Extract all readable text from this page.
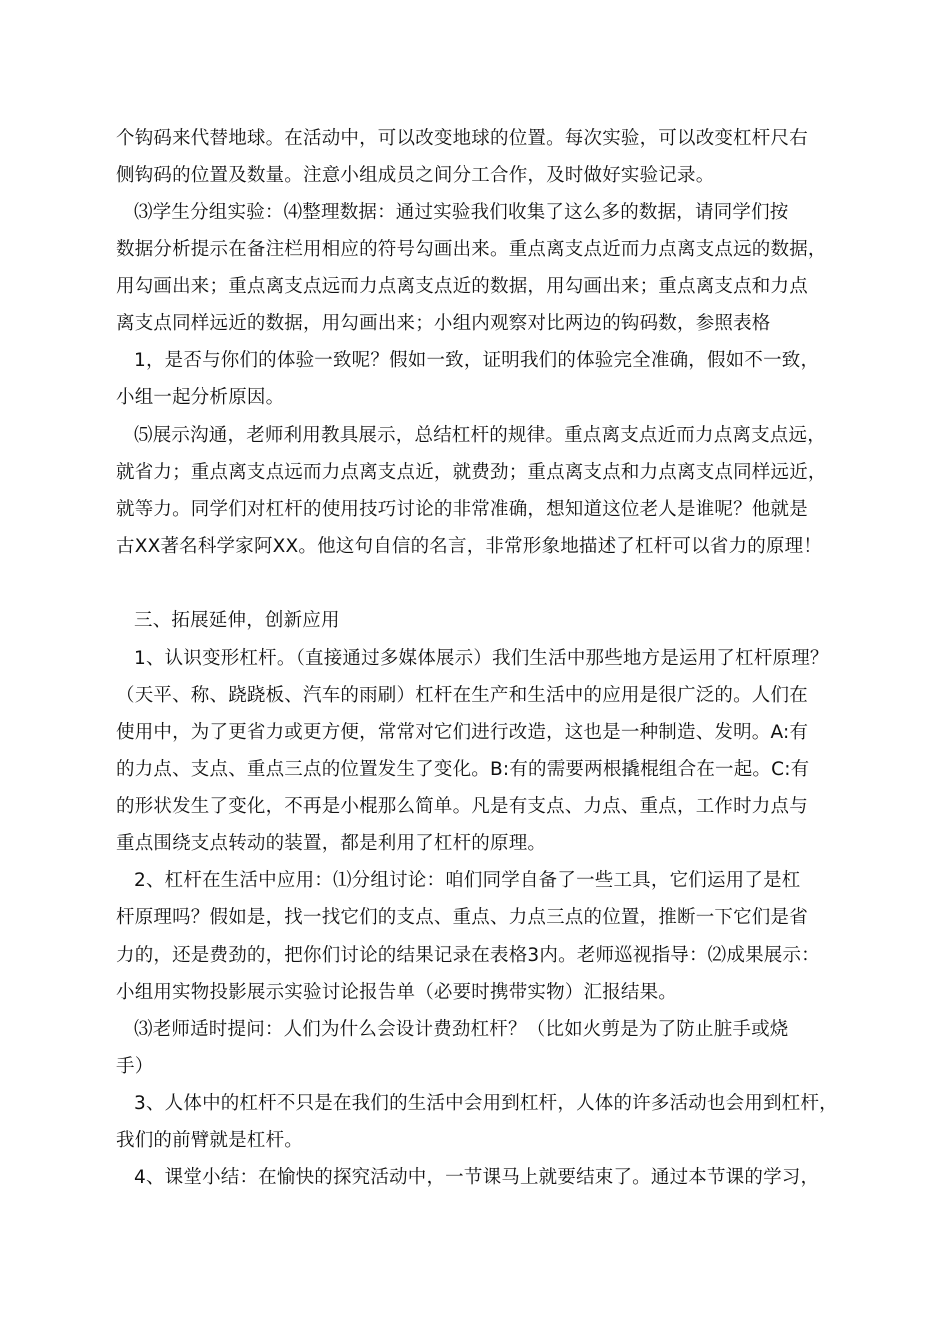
个钩码来代替地球。在活动中，可以改变地球的位置。每次实验，可以改变杠杆尺右
侧钩码的位置及数量。注意小组成员之间分工合作，及时做好实验记录。
⑶学生分组实验：⑷整理数据：通过实验我们收集了这么多的数据，请同学们按
数据分析提示在备注栏用相应的符号勾画出来。重点离支点近而力点离支点远的数据，
用勾画出来；重点离支点远而力点离支点近的数据，用勾画出来；重点离支点和力点
离支点同样远近的数据，用勾画出来；小组内观察对比两边的钩码数，参照表格
1，是否与你们的体验一致呢？假如一致，证明我们的体验完全准确，假如不一致，
小组一起分析原因。
⑸展示沟通，老师利用教具展示，总结杠杆的规律。重点离支点近而力点离支点远，
就省力；重点离支点远而力点离支点近，就费劲；重点离支点和力点离支点同样远近，
就等力。同学们对杠杆的使用技巧讨论的非常准确，想知道这位老人是谁呢？他就是
古XX著名科学家阿XX。他这句自信的名言，非常形象地描述了杠杆可以省力的原理！
三、拓展延伸，创新应用
1、认识变形杠杆。（直接通过多媒体展示）我们生活中那些地方是运用了杠杆原理？
（天平、称、跷跷板、汽车的雨刷）杠杆在生产和生活中的应用是很广泛的。人们在
使用中，为了更省力或更方便，常常对它们进行改造，这也是一种制造、发明。A:有
的力点、支点、重点三点的位置发生了变化。B:有的需要两根撬棍组合在一起。C:有
的形状发生了变化，不再是小棍那么简单。凡是有支点、力点、重点，工作时力点与
重点围绕支点转动的装置，都是利用了杠杆的原理。
2、杠杆在生活中应用：⑴分组讨论：咱们同学自备了一些工具，它们运用了是杠
杆原理吗？假如是，找一找它们的支点、重点、力点三点的位置，推断一下它们是省
力的，还是费劲的，把你们讨论的结果记录在表格3内。老师巡视指导：⑵成果展示：
小组用实物投影展示实验讨论报告单（必要时携带实物）汇报结果。
⑶老师适时提问：人们为什么会设计费劲杠杆？（比如火剪是为了防止脏手或烧
手）
3、人体中的杠杆不只是在我们的生活中会用到杠杆，人体的许多活动也会用到杠杆，
我们的前臂就是杠杆。
4、课堂小结：在愉快的探究活动中，一节课马上就要结束了。通过本节课的学习，
